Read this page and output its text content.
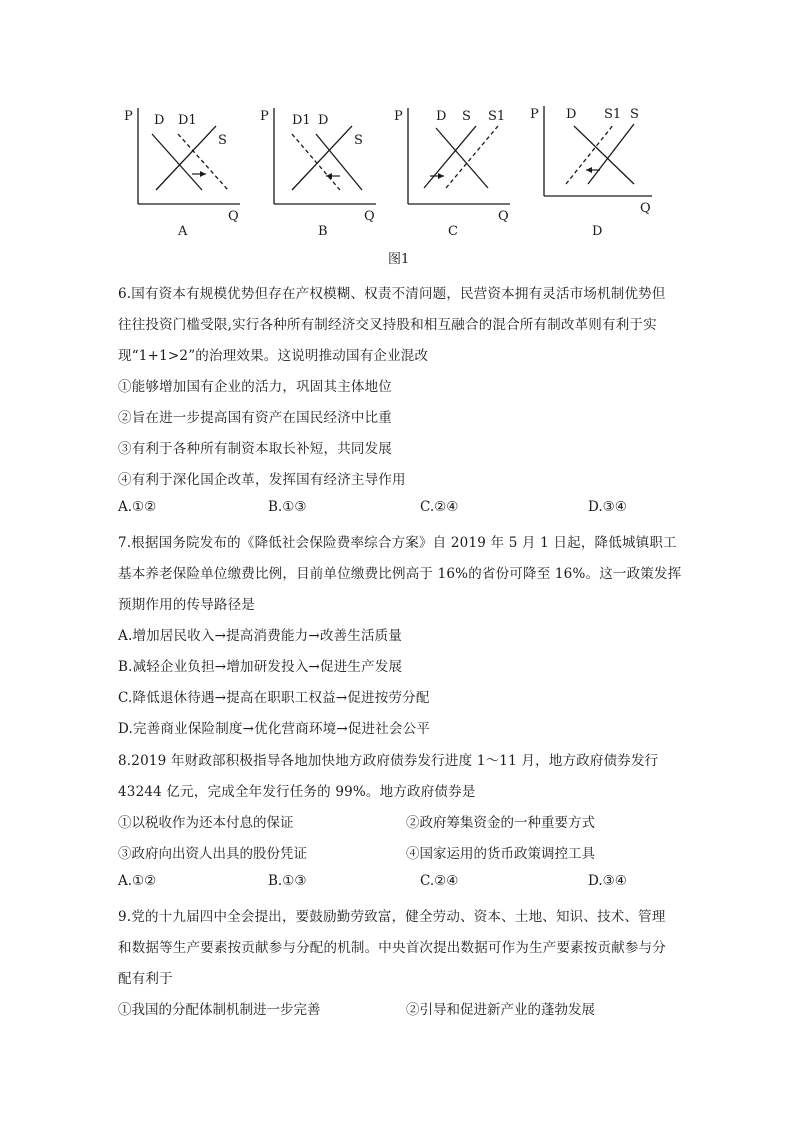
P
Q
D D1
S
A
P
Q
D1 D
S
B
P
Q
D S S1
C
P
Q
D S1 S
D
图1
6.国有资本有规模优势但存在产权模糊、权责不清问题，民营资本拥有灵活市场机制优势但
往往投资门槛受限,实行各种所有制经济交叉持股和相互融合的混合所有制改革则有利于实
现“1+1>2”的治理效果。这说明推动国有企业混改
①能够增加国有企业的活力，巩固其主体地位
②旨在进一步提高国有资产在国民经济中比重
③有利于各种所有制资本取长补短，共同发展
④有利于深化国企改革，发挥国有经济主导作用
A.①②	B.①③	C.②④	D.③④
7.根据国务院发布的《降低社会保险费率综合方案》自 2019 年 5 月 1 日起，降低城镇职工
基本养老保险单位缴费比例，目前单位缴费比例高于 16%的省份可降至 16%。这一政策发挥
预期作用的传导路径是
A.增加居民收入→提高消费能力→改善生活质量
B.减轻企业负担→增加研发投入→促进生产发展
C.降低退休待遇→提高在职职工权益→促进按劳分配
D.完善商业保险制度→优化营商环境→促进社会公平
8.2019 年财政部积极指导各地加快地方政府债券发行进度 1～11 月，地方政府债券发行
43244 亿元，完成全年发行任务的 99%。地方政府债券是
①以税收作为还本付息的保证	②政府筹集资金的一种重要方式
③政府向出资人出具的股份凭证	④国家运用的货币政策调控工具
A.①②	B.①③	C.②④	D.③④
9.党的十九届四中全会提出，要鼓励勤劳致富，健全劳动、资本、土地、知识、技术、管理
和数据等生产要素按贡献参与分配的机制。中央首次提出数据可作为生产要素按贡献参与分
配有利于
①我国的分配体制机制进一步完善	②引导和促进新产业的蓬勃发展
